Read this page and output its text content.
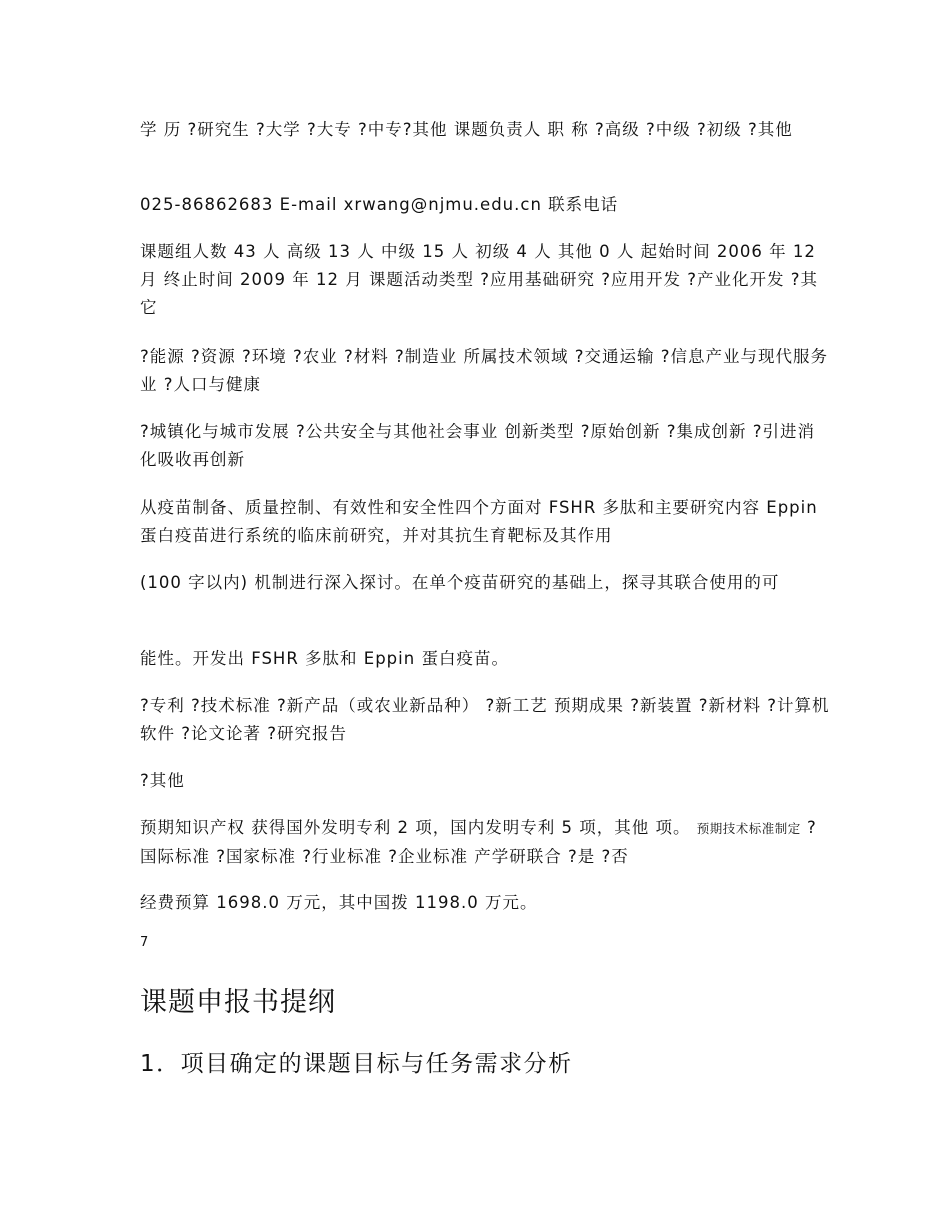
学 历 ?研究生 ?大学 ?大专 ?中专?其他 课题负责人 职 称 ?高级 ?中级 ?初级 ?其他

025-86862683 E-mail xrwang@njmu.edu.cn 联系电话

课题组人数 43 人 高级 13 人 中级 15 人 初级 4 人 其他 0 人 起始时间 2006 年 12 月 终止时间 2009 年 12 月 课题活动类型 ?应用基础研究 ?应用开发 ?产业化开发 ?其它

?能源 ?资源 ?环境 ?农业 ?材料 ?制造业 所属技术领域 ?交通运输 ?信息产业与现代服务业 ?人口与健康

?城镇化与城市发展 ?公共安全与其他社会事业 创新类型 ?原始创新 ?集成创新 ?引进消化吸收再创新

从疫苗制备、质量控制、有效性和安全性四个方面对 FSHR 多肽和主要研究内容 Eppin 蛋白疫苗进行系统的临床前研究，并对其抗生育靶标及其作用

(100 字以内) 机制进行深入探讨。在单个疫苗研究的基础上，探寻其联合使用的可

能性。开发出 FSHR 多肽和 Eppin 蛋白疫苗。

?专利 ?技术标准 ?新产品（或农业新品种） ?新工艺 预期成果 ?新装置 ?新材料 ?计算机软件 ?论文论著 ?研究报告

?其他

预期知识产权 获得国外发明专利 2 项，国内发明专利 5 项，其他 项。 预期技术标准制定 ?国际标准 ?国家标准 ?行业标准 ?企业标准 产学研联合 ?是 ?否

经费预算 1698.0 万元，其中国拨 1198.0 万元。

7

课题申报书提纲
1．项目确定的课题目标与任务需求分析
